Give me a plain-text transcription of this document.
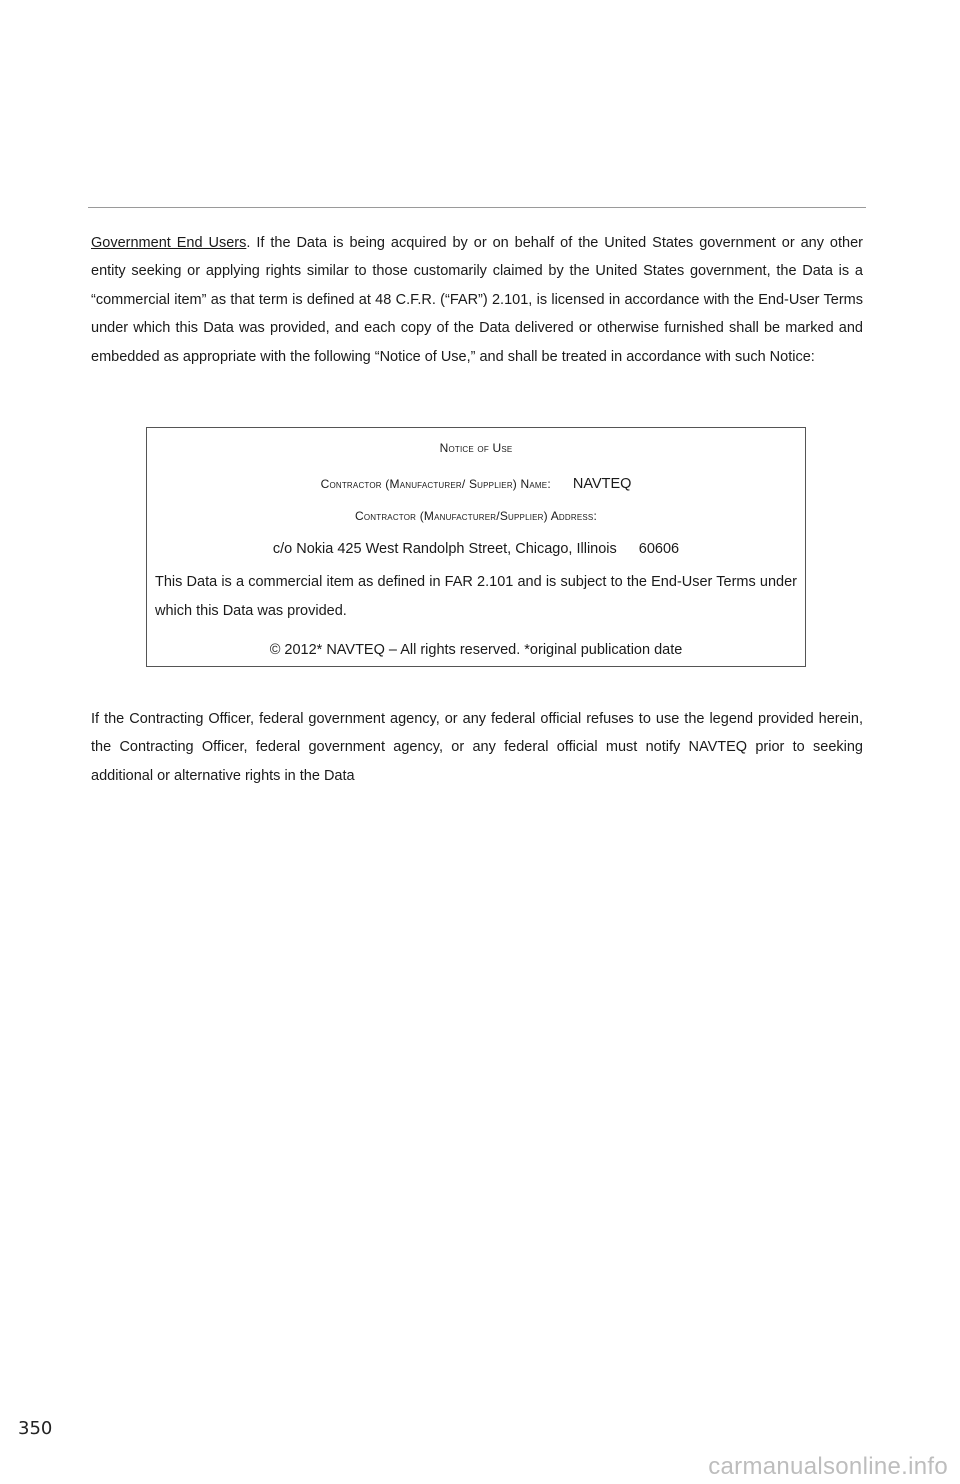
Government End Users. If the Data is being acquired by or on behalf of the United States government or any other entity seeking or applying rights similar to those customarily claimed by the United States government, the Data is a “commercial item” as that term is defined at 48 C.F.R. (“FAR”) 2.101, is licensed in accordance with the End-User Terms under which this Data was provided, and each copy of the Data delivered or otherwise furnished shall be marked and embedded as appropriate with the following “Notice of Use,” and shall be treated in accordance with such Notice:

Notice of Use
Contractor (Manufacturer/ Supplier) Name: NAVTEQ
Contractor (Manufacturer/Supplier) Address:
c/o Nokia 425 West Randolph Street, Chicago, Illinois 60606

This Data is a commercial item as defined in FAR 2.101 and is subject to the End-User Terms under which this Data was provided.

© 2012* NAVTEQ – All rights reserved. *original publication date

If the Contracting Officer, federal government agency, or any federal official refuses to use the legend provided herein, the Contracting Officer, federal government agency, or any federal official must notify NAVTEQ prior to seeking additional or alternative rights in the Data

350
carmanualsonline.info
